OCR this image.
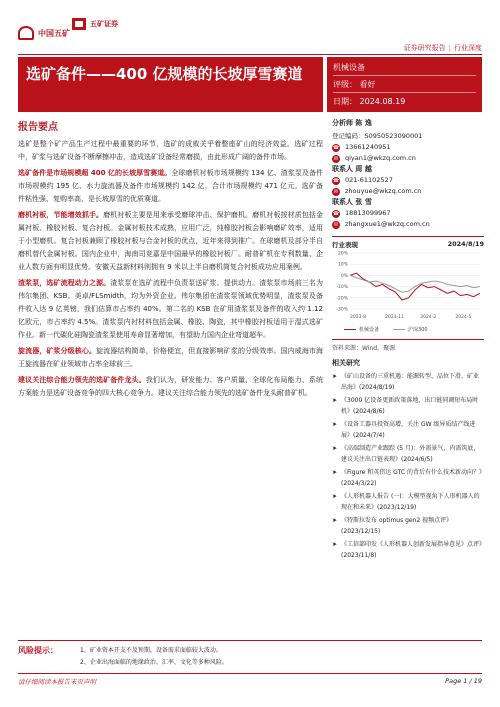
五矿证券
中国五矿
证券研究报告 | 行业深度
选矿备件——400 亿规模的长坡厚雪赛道	机械设备
评级： 看好
日期： 2024.08.19
报告要点
选矿是整个矿产品生产过程中最重要的环节，选矿的成败关乎着整座矿山的经济效益。选矿过程中，矿浆与选矿设备不断摩擦冲击，造成选矿设备经常磨损，由此形成广阔的备件市场。
选矿备件是市场规模超 400 亿的长坡厚雪赛道。全球磨机衬板市场规模约 134 亿、渣浆泵及备件市场规模约 195 亿、水力旋流器及备件市场规模约 142 亿，合计市场规模约 471 亿元。选矿备件粘性强、复购率高，是长坡厚雪的优质赛道。
磨机衬板，节能增效抓手。磨机衬板主要是用来承受磨球冲击、保护磨机。磨机衬板按材质包括金属衬板、橡胶衬板、复合衬板。金属衬板技术成熟，应用广泛，纯橡胶衬板会影响磨矿效率，适用于小型磨机。复合衬板兼顾了橡胶衬板与合金衬板的优点，近年来得到推广。在球磨机及部分半自磨机替代金属衬板。国内企业中，海南司竞嘉是中国最早的橡胶衬板厂。耐普矿机在专利数量、企业人数方面有明显优势。安徽天益新材料则拥有 9 米以上半自磨机筒复合衬板成功应用案例。
渣浆泵，选矿流程动力之源。渣浆泵在选矿流程中负责泵送矿浆、提供动力。渣浆泵市场前三名为伟尔集团、KSB、美卓/FLSmidth，均为外资企业。伟尔集团在渣浆泵领域优势明显，渣浆泵及备件收入达 9 亿英镑，我们估算市占率约 40%。第二名的 KSB 在矿用渣浆泵及备件的收入约 1.12 亿欧元，市占率约 4.5%。渣浆泵内衬材料包括金属、橡胶、陶瓷，其中橡胶衬板适用于湿式选矿作业。新一代碳化硅陶瓷渣浆泵使用寿命显著增加，有望助力国内企业弯道超车。
旋流器，矿浆分级核心。旋流器结构简单，价格便宜，但直接影响矿浆的分级效率。国内威海市海王旋流器在矿业领域市占率全球前三。
建议关注综合能力领先的选矿备件龙头。我们认为，研发能力、客户质量、全球化布局能力、系统方案能力是选矿设备竞争的四大核心竞争力。建议关注综合能力领先的选矿备件龙头耐普矿机。
分析师 陈 逸
登记编码：S0950523090001
☎ 13661240951
✉ qiyan1@wkzq.com.cn
联系人 周 越
☎ 021-61102527
✉ zhouyue@wkzq.com.cn
联系人 张 雪
☎ 18813099967
✉ zhangxue1@wkzq.com.cn
行业表现	2024/8/19
20%
10%
0%
-10%
-20%
-30%
2023-8	2023-11	2024-2	2024-5
机械设备	沪深300
资料来源：Wind，聚源
相关研究
➤ 《矿山设备的三重机遇：能源转型、品位下滑、矿业出海》(2024/8/19)
➤ 《3000 亿设备更新政策落地，出口链同调短布局时机》(2024/8/6)
➤ 《设备工器具投资高增，关注 GW 级异质结产线进展》(2024/7/4)
➤ 《高端制造产业跟踪 (5 月)：外需景气，内需筑底，建议关注出口链表现》(2024/6/5)
➤ 《Figure 和英伟达 GTC 的背后有什么技术新动向？》(2024/3/22)
➤ 《人形机器人报告 (一)：大模型视角下人形机器人的现在和未来》(2023/12/19)
➤ 《特斯拉发布 optimus gen2 视频点评》(2023/12/15)
➤ 《工信部印发《人形机器人创新发展指导意见》点评》(2023/11/8)
风险提示：	1、矿业资本开支不及预期，设备需求面临较大波动。
2、企业出海面临的地缘政治、汇率、文化等多种风险。
请仔细阅读本报告末页声明	Page 1 / 19
